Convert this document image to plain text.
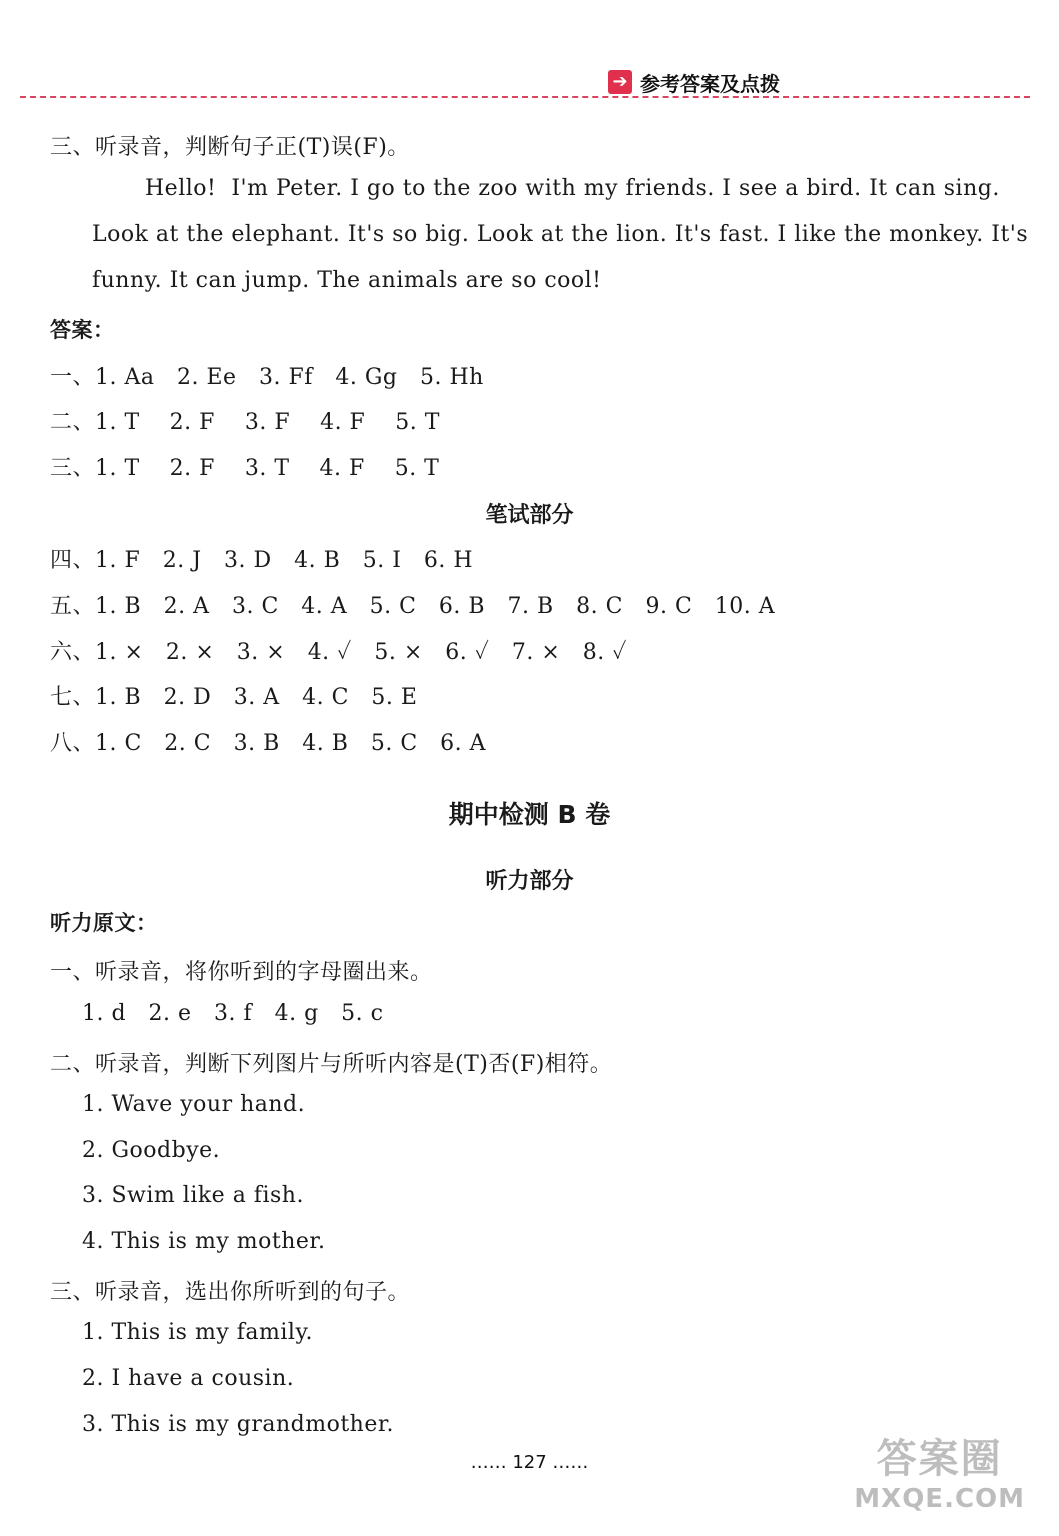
➔ 参考答案及点拨
三、听录音，判断句子正(T)误(F)。
Hello!  I'm Peter. I go to the zoo with my friends. I see a bird. It can sing.
Look at the elephant. It's so big. Look at the lion. It's fast. I like the monkey. It's
funny. It can jump. The animals are so cool!
答案：
一、1. Aa   2. Ee   3. Ff   4. Gg   5. Hh
二、1. T    2. F    3. F    4. F    5. T
三、1. T    2. F    3. T    4. F    5. T
笔试部分
四、1. F   2. J   3. D   4. B   5. I   6. H
五、1. B   2. A   3. C   4. A   5. C   6. B   7. B   8. C   9. C   10. A
六、1. ×   2. ×   3. ×   4. ✓   5. ×   6. ✓   7. ×   8. ✓
七、1. B   2. D   3. A   4. C   5. E
八、1. C   2. C   3. B   4. B   5. C   6. A
期中检测 B 卷
听力部分
听力原文：
一、听录音，将你听到的字母圈出来。
1. d   2. e   3. f   4. g   5. c
二、听录音，判断下列图片与所听内容是(T)否(F)相符。
1. Wave your hand.
2. Goodbye.
3. Swim like a fish.
4. This is my mother.
三、听录音，选出你所听到的句子。
1. This is my family.
2. I have a cousin.
3. This is my grandmother.
…… 127 ……	答案圈
MXQE.COM
